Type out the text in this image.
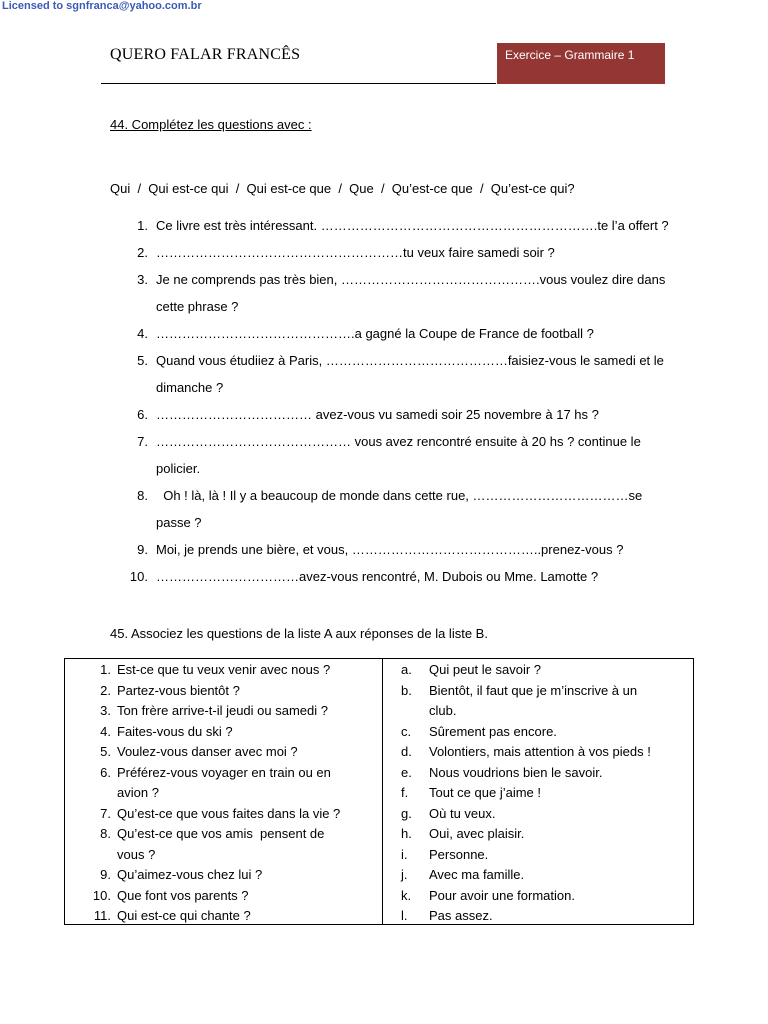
Licensed to sgnfranca@yahoo.com.br
QUERO FALAR FRANCÊS	Exercice – Grammaire 1
44. Complétez les questions avec :
Qui  /  Qui est-ce qui  /  Qui est-ce que  /  Que  /  Qu’est-ce que  /  Qu’est-ce qui?
1. Ce livre est très intéressant. ……………………………………………………….te l’a offert ?
2. …………………………………………………tu veux faire samedi soir ?
3. Je ne comprends pas très bien, ……………………………………….vous voulez dire dans
cette phrase ?
4. ……………………………………….a gagné la Coupe de France de football ?
5. Quand vous étudiiez à Paris, ……………………………………faisiez-vous le samedi et le
dimanche ?
6. ……………………………… avez-vous vu samedi soir 25 novembre à 17 hs ?
7. ……………………………………… vous avez rencontré ensuite à 20 hs ? continue le
policier.
8. Oh ! là, là ! Il y a beaucoup de monde dans cette rue, ………………………………se
passe ?
9. Moi, je prends une bière, et vous, ……………………………………..prenez-vous ?
10. ……………………………avez-vous rencontré, M. Dubois ou Mme. Lamotte ?
45. Associez les questions de la liste A aux réponses de la liste B.
1. Est-ce que tu veux venir avec nous ?
2. Partez-vous bientôt ?
3. Ton frère arrive-t-il jeudi ou samedi ?
4. Faites-vous du ski ?
5. Voulez-vous danser avec moi ?
6. Préférez-vous voyager en train ou en
avion ?
7. Qu’est-ce que vous faites dans la vie ?
8. Qu’est-ce que vos amis  pensent de
vous ?
9. Qu’aimez-vous chez lui ?
10. Que font vos parents ?
11. Qui est-ce qui chante ?
a.	Qui peut le savoir ?
b.	Bientôt, il faut que je m’inscrive à un
club.
c.	Sûrement pas encore.
d.	Volontiers, mais attention à vos pieds !
e.	Nous voudrions bien le savoir.
f.	Tout ce que j’aime !
g.	Où tu veux.
h.	Oui, avec plaisir.
i.	Personne.
j.	Avec ma famille.
k.	Pour avoir une formation.
l.	Pas assez.
